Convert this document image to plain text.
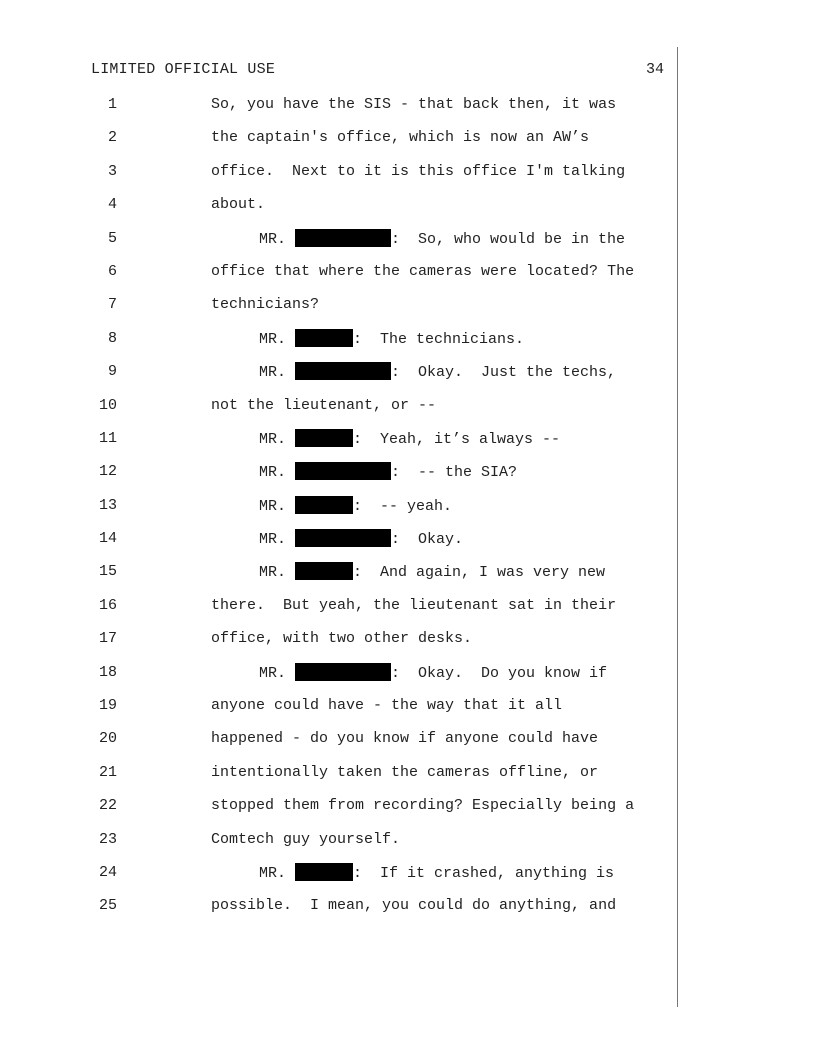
LIMITED OFFICIAL USE	34
1	So, you have the SIS - that back then, it was
2	the captain's office, which is now an AW’s
3	office.  Next to it is this office I'm talking
4	about.
5	MR.	:  So, who would be in the
6	office that where the cameras were located? The
7	technicians?
8	MR.	:  The technicians.
9	MR.	:  Okay.  Just the techs,
10	not the lieutenant, or --
11	MR.	:  Yeah, it’s always --
12	MR.	:  -- the SIA?
13	MR.	:  -- yeah.
14	MR.	:  Okay.
15	MR.	:  And again, I was very new
16	there.  But yeah, the lieutenant sat in their
17	office, with two other desks.
18	MR.	:  Okay.  Do you know if
19	anyone could have - the way that it all
20	happened - do you know if anyone could have
21	intentionally taken the cameras offline, or
22	stopped them from recording? Especially being a
23	Comtech guy yourself.
24	MR.	:  If it crashed, anything is
25	possible.  I mean, you could do anything, and
